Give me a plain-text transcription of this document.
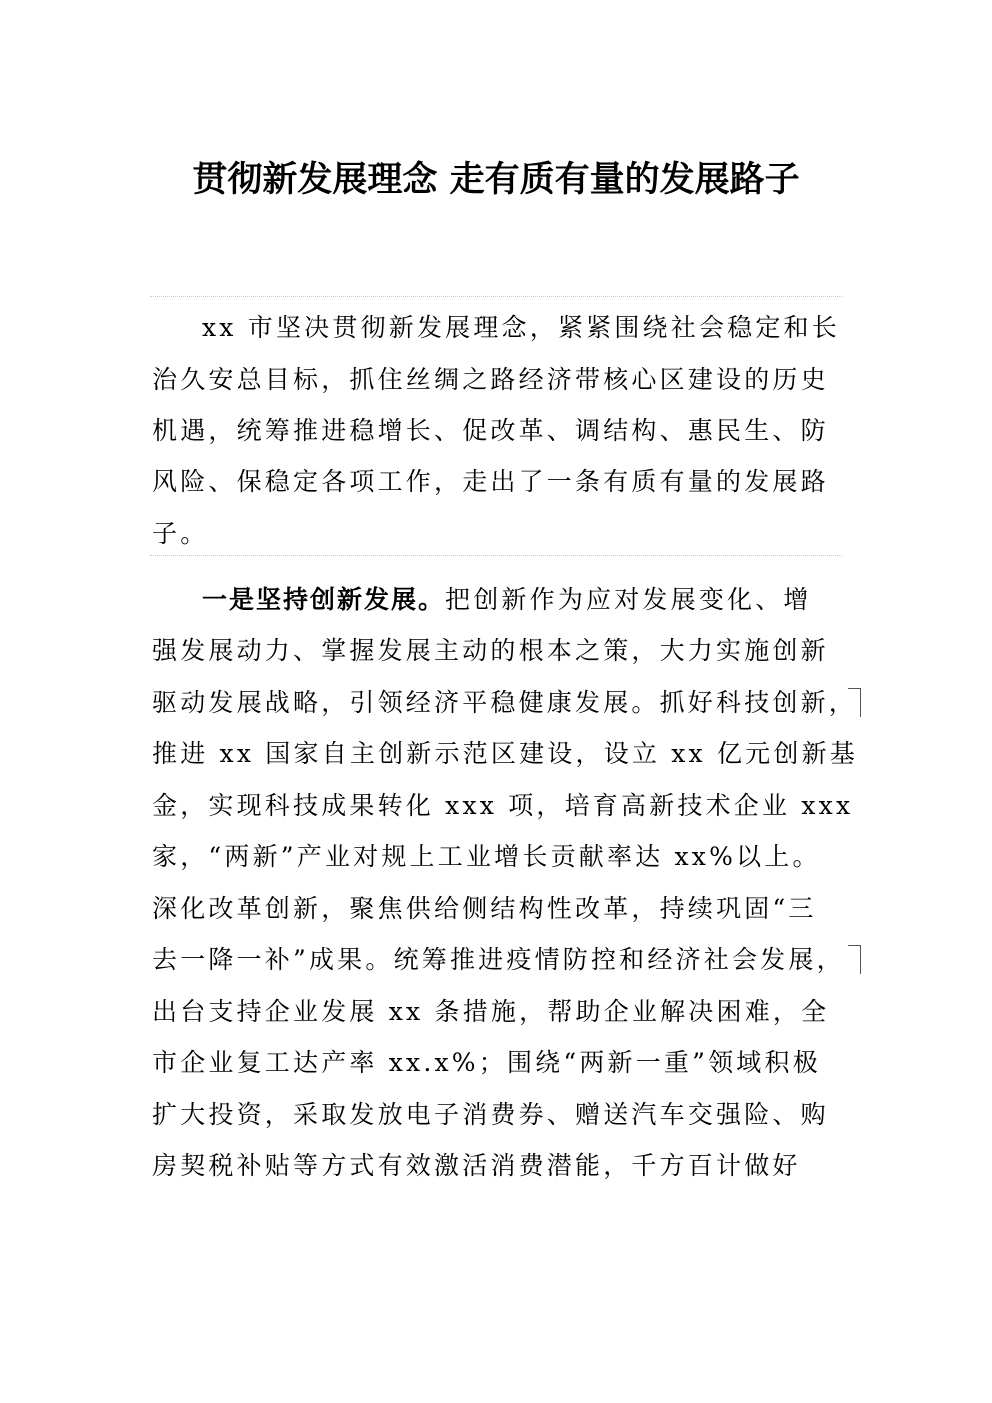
贯彻新发展理念 走有质有量的发展路子
xx 市坚决贯彻新发展理念，紧紧围绕社会稳定和长
治久安总目标，抓住丝绸之路经济带核心区建设的历史
机遇，统筹推进稳增长、促改革、调结构、惠民生、防
风险、保稳定各项工作，走出了一条有质有量的发展路
子。
一是坚持创新发展。把创新作为应对发展变化、增
强发展动力、掌握发展主动的根本之策，大力实施创新
驱动发展战略，引领经济平稳健康发展。抓好科技创新，
推进 xx 国家自主创新示范区建设，设立 xx 亿元创新基
金，实现科技成果转化 xxx 项，培育高新技术企业 xxx
家，“两新”产业对规上工业增长贡献率达 xx%以上。
深化改革创新，聚焦供给侧结构性改革，持续巩固“三
去一降一补”成果。统筹推进疫情防控和经济社会发展，
出台支持企业发展 xx 条措施，帮助企业解决困难，全
市企业复工达产率 xx.x%；围绕“两新一重”领域积极
扩大投资，采取发放电子消费券、赠送汽车交强险、购
房契税补贴等方式有效激活消费潜能，千方百计做好
